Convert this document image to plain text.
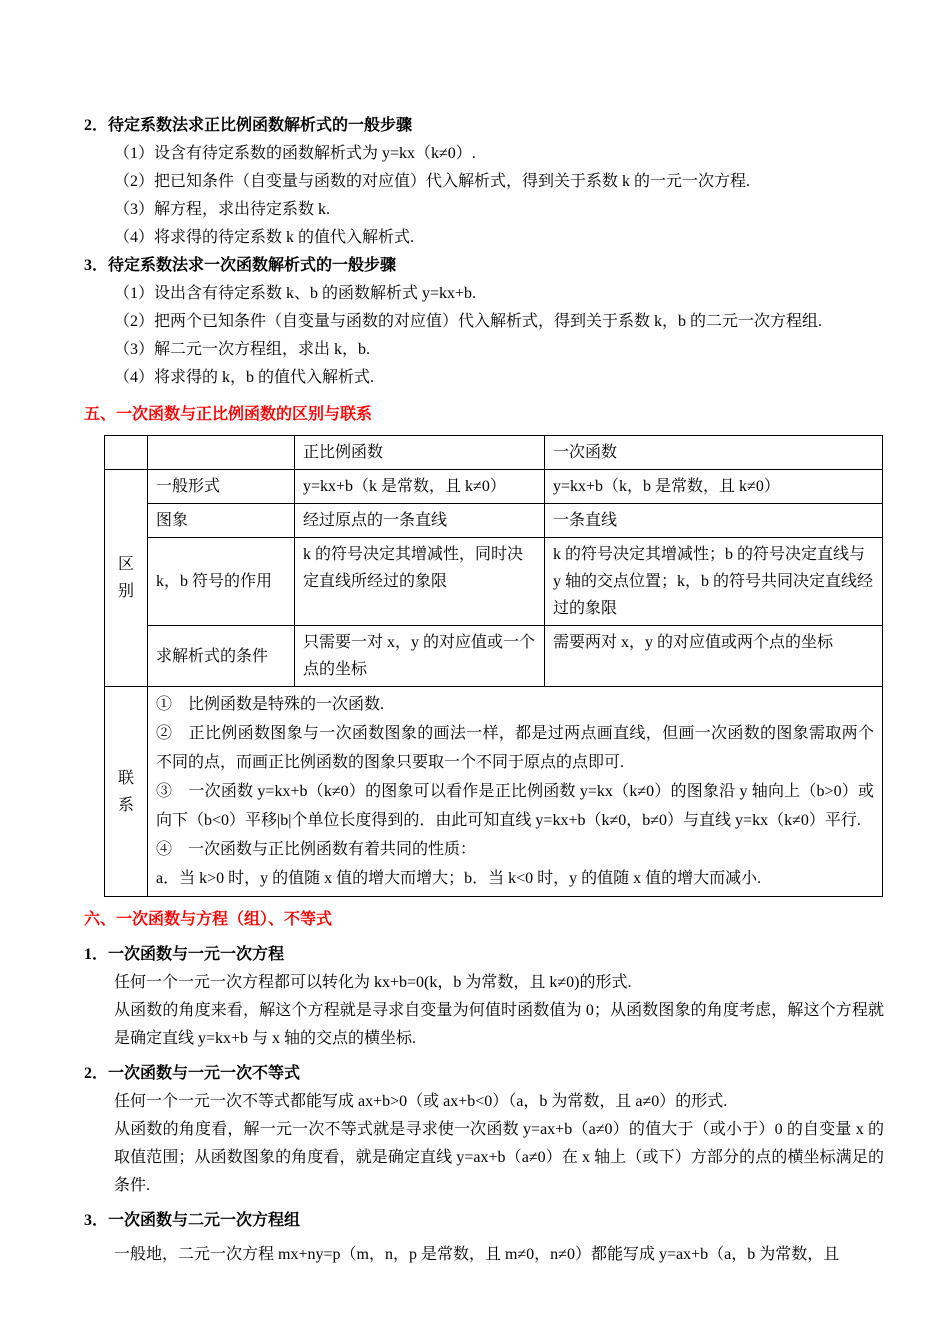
2．待定系数法求正比例函数解析式的一般步骤
（1）设含有待定系数的函数解析式为 y=kx（k≠0）.
（2）把已知条件（自变量与函数的对应值）代入解析式，得到关于系数 k 的一元一次方程.
（3）解方程，求出待定系数 k.
（4）将求得的待定系数 k 的值代入解析式.
3．待定系数法求一次函数解析式的一般步骤
（1）设出含有待定系数 k、b 的函数解析式 y=kx+b.
（2）把两个已知条件（自变量与函数的对应值）代入解析式，得到关于系数 k，b 的二元一次方程组.
（3）解二元一次方程组，求出 k，b.
（4）将求得的 k，b 的值代入解析式.
五、一次函数与正比例函数的区别与联系
		正比例函数	一次函数
区别	一般形式	y=kx+b（k 是常数，且 k≠0）	y=kx+b（k，b 是常数，且 k≠0）
	图象	经过原点的一条直线	一条直线
	k，b 符号的作用	k 的符号决定其增减性，同时决定直线所经过的象限	k 的符号决定其增减性；b 的符号决定直线与 y 轴的交点位置；k，b 的符号共同决定直线经过的象限
	求解析式的条件	只需要一对 x，y 的对应值或一个点的坐标	需要两对 x，y 的对应值或两个点的坐标
联系	①　比例函数是特殊的一次函数.
②　正比例函数图象与一次函数图象的画法一样，都是过两点画直线，但画一次函数的图象需取两个不同的点，而画正比例函数的图象只要取一个不同于原点的点即可.
③　一次函数 y=kx+b（k≠0）的图象可以看作是正比例函数 y=kx（k≠0）的图象沿 y 轴向上（b>0）或向下（b<0）平移|b|个单位长度得到的．由此可知直线 y=kx+b（k≠0，b≠0）与直线 y=kx（k≠0）平行.
④　一次函数与正比例函数有着共同的性质：
a．当 k>0 时，y 的值随 x 值的增大而增大；b．当 k<0 时，y 的值随 x 值的增大而减小.		
六、一次函数与方程（组）、不等式
1．一次函数与一元一次方程
任何一个一元一次方程都可以转化为 kx+b=0(k，b 为常数，且 k≠0)的形式.
从函数的角度来看，解这个方程就是寻求自变量为何值时函数值为 0；从函数图象的角度考虑，解这个方程就是确定直线 y=kx+b 与 x 轴的交点的横坐标.
2．一次函数与一元一次不等式
任何一个一元一次不等式都能写成 ax+b>0（或 ax+b<0）（a，b 为常数，且 a≠0）的形式.
从函数的角度看，解一元一次不等式就是寻求使一次函数 y=ax+b（a≠0）的值大于（或小于）0 的自变量 x 的取值范围；从函数图象的角度看，就是确定直线 y=ax+b（a≠0）在 x 轴上（或下）方部分的点的横坐标满足的条件.
3．一次函数与二元一次方程组
一般地，二元一次方程 mx+ny=p（m，n，p 是常数，且 m≠0，n≠0）都能写成 y=ax+b（a，b 为常数，且
